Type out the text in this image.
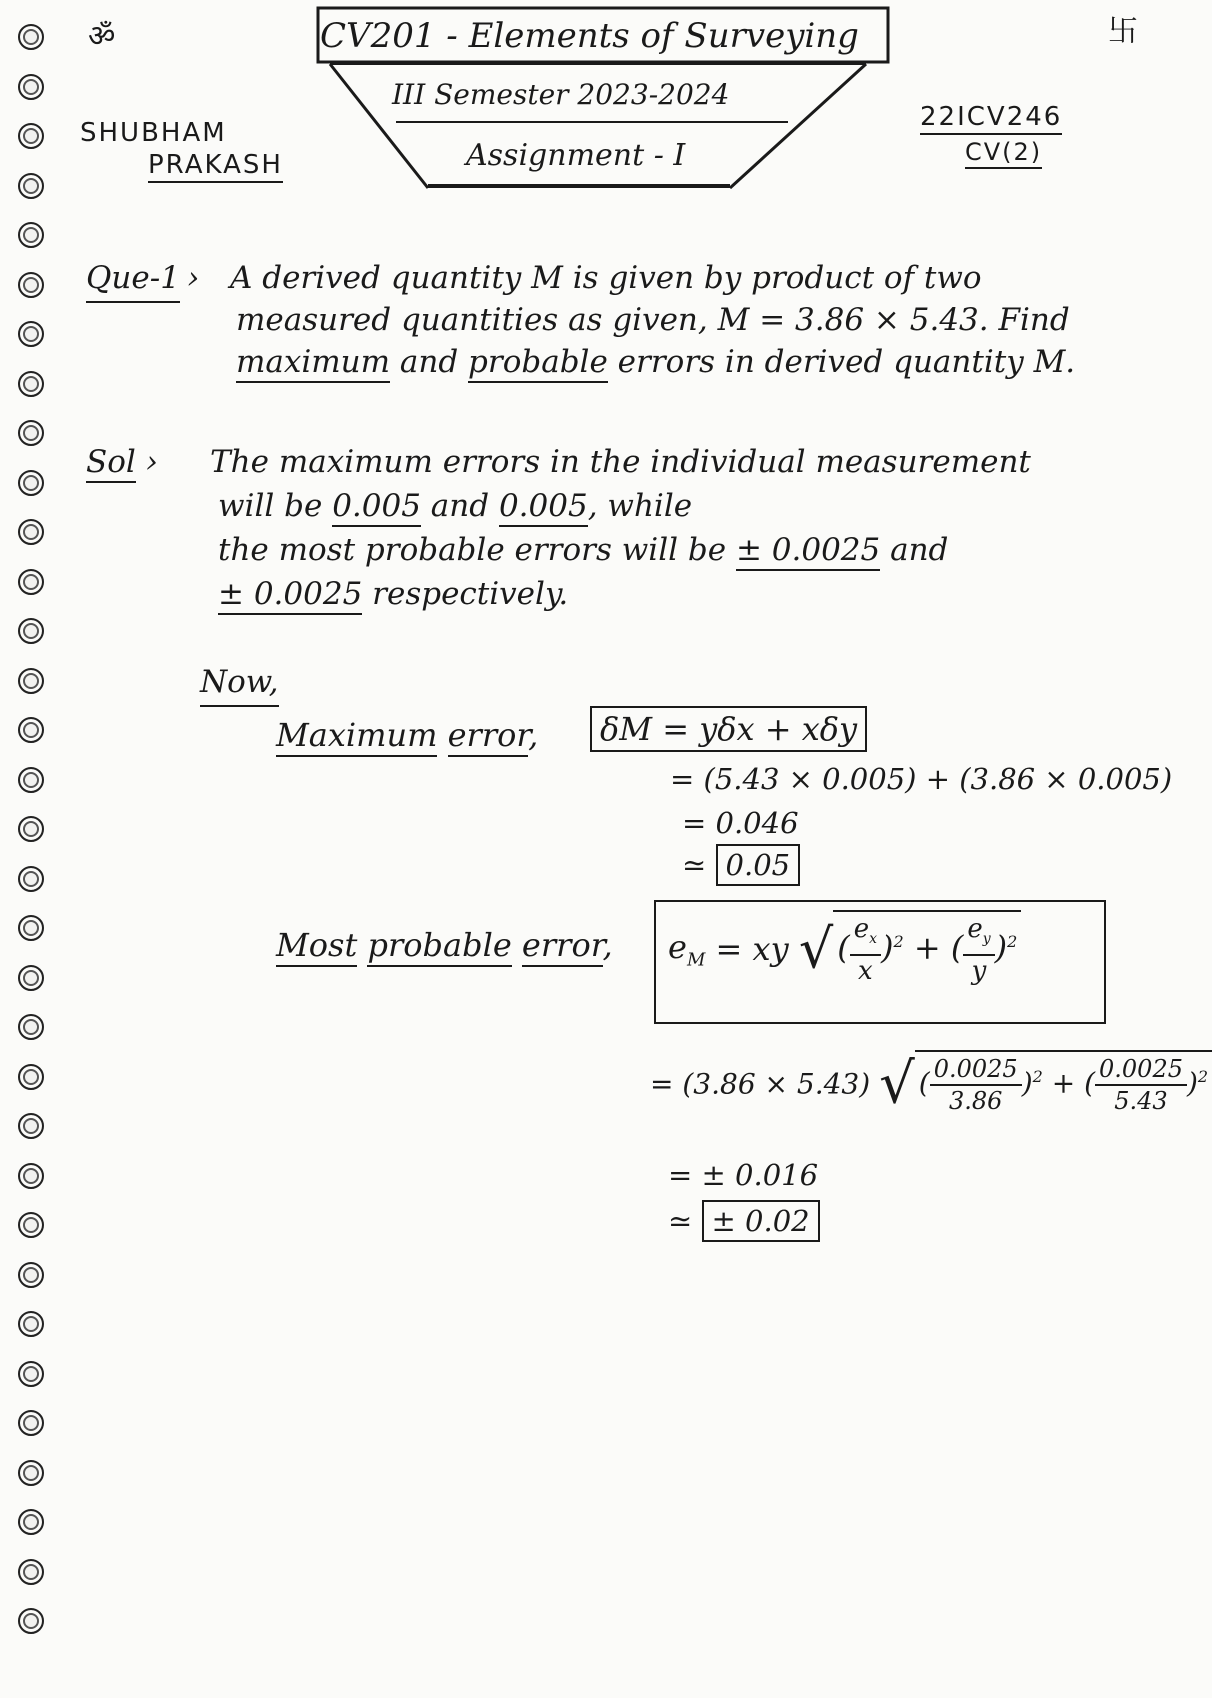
ॐ	卐
CV201 - Elements of Surveying
III Semester 2023-2024
Assignment - I
SHUBHAM
PRAKASH
22ICV246
CV(2)
Que-1 › A derived quantity M is given by product of two
measured quantities as given, M = 3.86 × 5.43. Find
maximum and probable errors in derived quantity M.
Sol › The maximum errors in the individual measurement
will be 0.005 and 0.005, while
the most probable errors will be ± 0.0025 and
± 0.0025 respectively.
Now,
Maximum error,	δM = yδx + xδy
= (5.43 × 0.005) + (3.86 × 0.005)
= 0.046
≃ 0.05
Most probable error,	$e_M$ = xy √( $\frac{e_x}{x} )^2$ + ( $\frac{e_y}{y} )^2$
= (3.86 × 5.43) √( $\frac{0.0025}{3.86} )^2$ + ( $\frac{0.0025}{5.43} )^2$
= ± 0.016
≃ ± 0.02
